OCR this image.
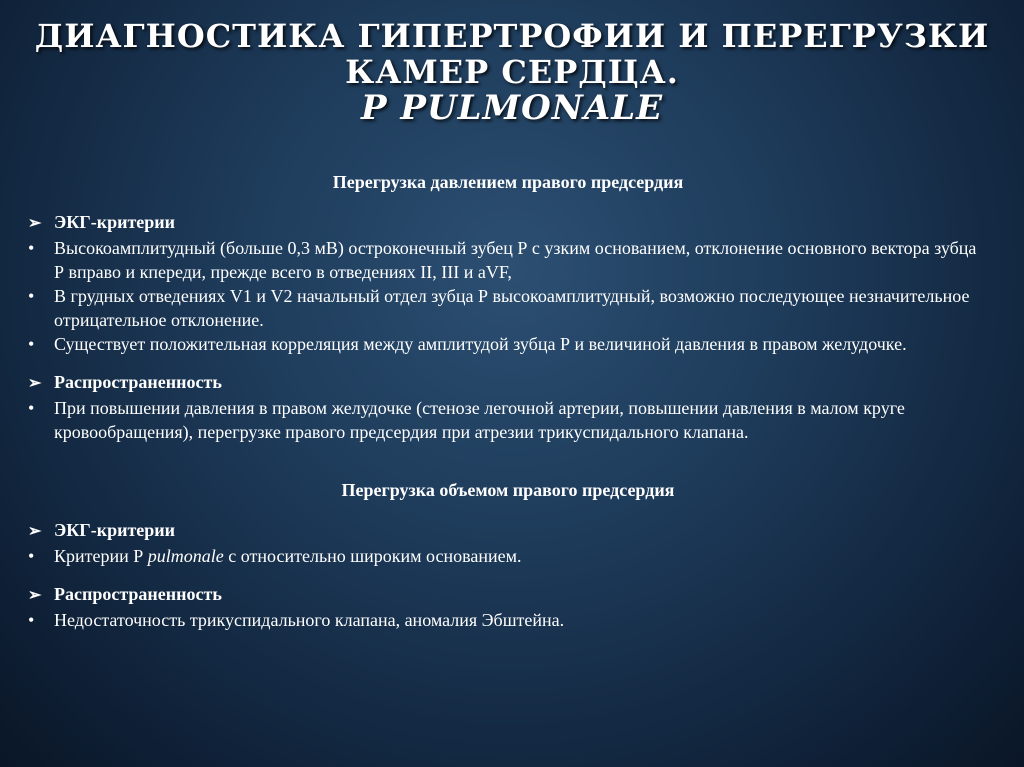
ДИАГНОСТИКА ГИПЕРТРОФИИ И ПЕРЕГРУЗКИ
КАМЕР СЕРДЦА.
P PULMONALE
Перегрузка давлением правого предсердия
➢ ЭКГ-критерии
•	Высокоамплитудный (больше 0,3 мВ) остроконечный зубец Р с узким основанием, отклонение основного вектора зубца Р вправо и кпереди, прежде всего в отведениях II, III и aVF,
•	В грудных отведениях V1 и V2 начальный отдел зубца Р высокоамплитудный, возможно последующее незначительное отрицательное отклонение.
•	Существует положительная корреляция между амплитудой зубца Р и величиной давления в правом желудочке.
➢ Распространенность
•	При повышении давления в правом желудочке (стенозе легочной артерии, повышении давления в малом круге кровообращения), перегрузке правого предсердия при атрезии трикуспидального клапана.
Перегрузка объемом правого предсердия
➢ ЭКГ-критерии
•	Критерии Р pulmonale с относительно широким основанием.
➢ Распространенность
•	Недостаточность трикуспидального клапана, аномалия Эбштейна.
